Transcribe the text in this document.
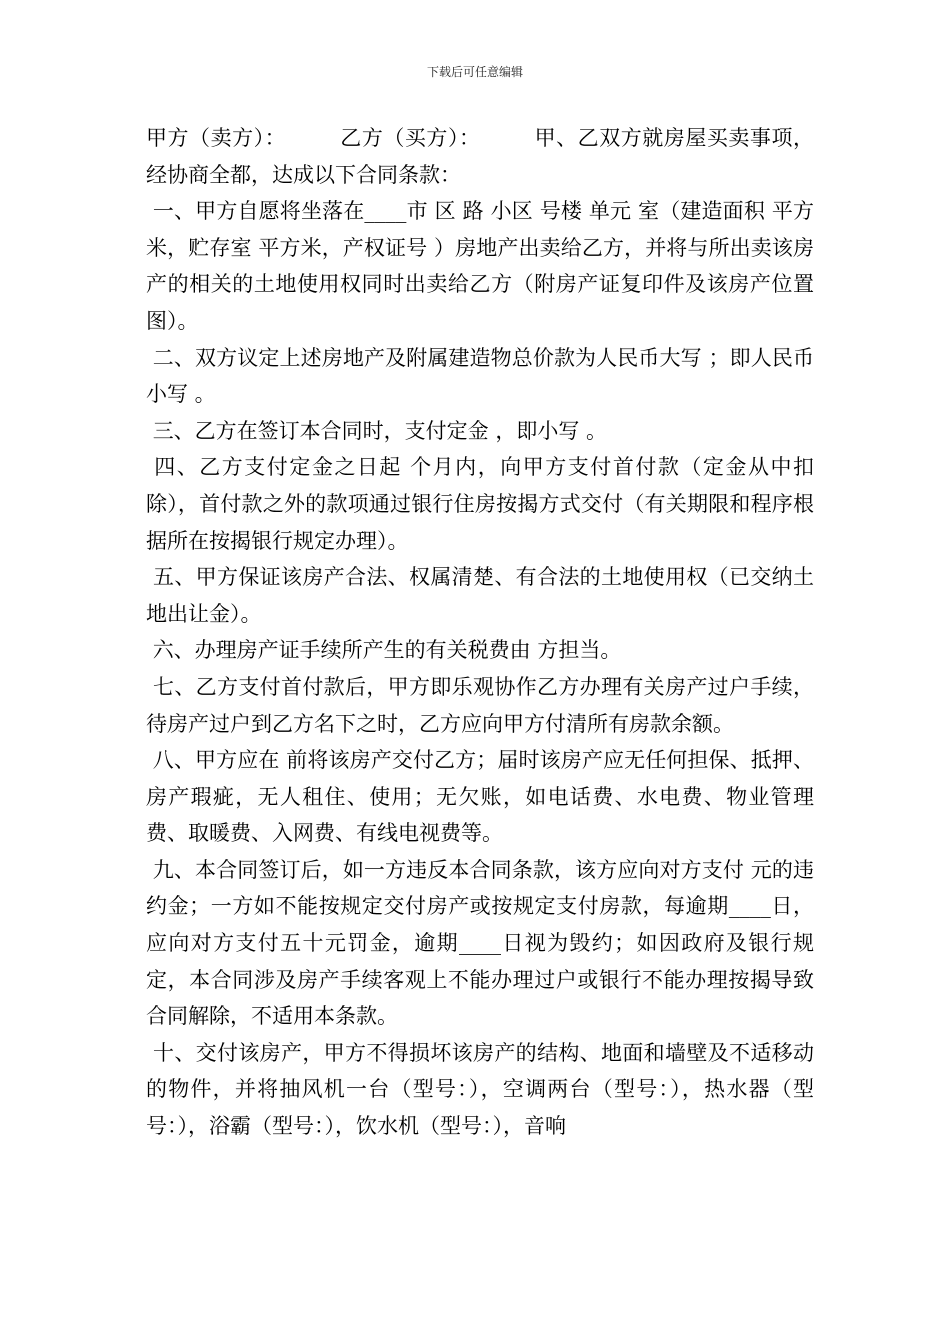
下载后可任意编辑

甲方（卖方）：　　　乙方（买方）：　　　甲、乙双方就房屋买卖事项，经协商全都，达成以下合同条款：

一、甲方自愿将坐落在____市 区 路 小区 号楼 单元 室（建造面积 平方米，贮存室 平方米，产权证号 ）房地产出卖给乙方，并将与所出卖该房产的相关的土地使用权同时出卖给乙方（附房产证复印件及该房产位置图）。

二、双方议定上述房地产及附属建造物总价款为人民币大写 ；即人民币小写 。

三、乙方在签订本合同时，支付定金 ，即小写 。

四、乙方支付定金之日起 个月内，向甲方支付首付款（定金从中扣除），首付款之外的款项通过银行住房按揭方式交付（有关期限和程序根据所在按揭银行规定办理）。

五、甲方保证该房产合法、权属清楚、有合法的土地使用权（已交纳土地出让金）。

六、办理房产证手续所产生的有关税费由 方担当。

七、乙方支付首付款后，甲方即乐观协作乙方办理有关房产过户手续，待房产过户到乙方名下之时，乙方应向甲方付清所有房款余额。

八、甲方应在 前将该房产交付乙方；届时该房产应无任何担保、抵押、房产瑕疵，无人租住、使用；无欠账，如电话费、水电费、物业管理费、取暖费、入网费、有线电视费等。

九、本合同签订后，如一方违反本合同条款，该方应向对方支付 元的违约金；一方如不能按规定交付房产或按规定支付房款，每逾期____日，应向对方支付五十元罚金，逾期____日视为毁约；如因政府及银行规定，本合同涉及房产手续客观上不能办理过户或银行不能办理按揭导致合同解除，不适用本条款。

十、交付该房产，甲方不得损坏该房产的结构、地面和墙壁及不适移动的物件，并将抽风机一台（型号：），空调两台（型号：），热水器（型号：），浴霸（型号：），饮水机（型号：），音响
